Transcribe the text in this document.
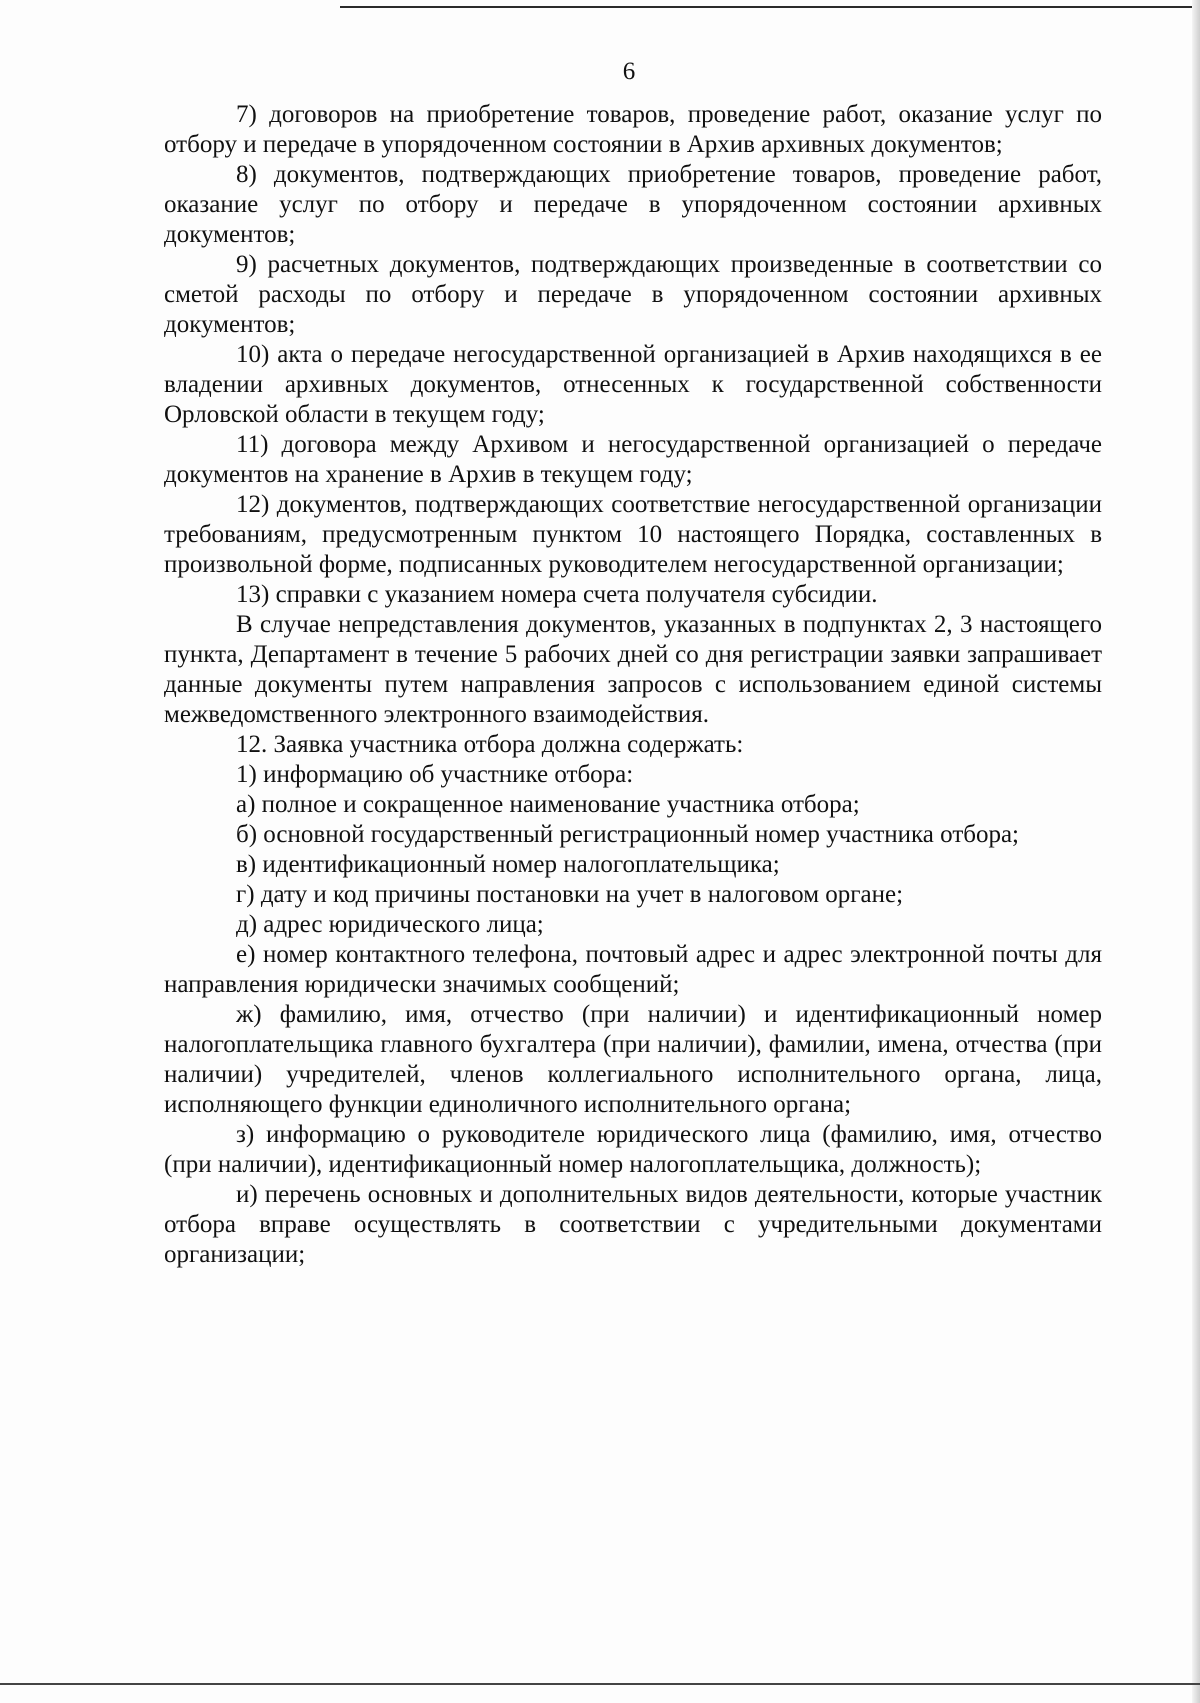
6

7) договоров на приобретение товаров, проведение работ, оказание услуг по отбору и передаче в упорядоченном состоянии в Архив архивных документов;

8) документов, подтверждающих приобретение товаров, проведение работ, оказание услуг по отбору и передаче в упорядоченном состоянии архивных документов;

9) расчетных документов, подтверждающих произведенные в соответствии со сметой расходы по отбору и передаче в упорядоченном состоянии архивных документов;

10) акта о передаче негосударственной организацией в Архив находящихся в ее владении архивных документов, отнесенных к государственной собственности Орловской области в текущем году;

11) договора между Архивом и негосударственной организацией о передаче документов на хранение в Архив в текущем году;

12) документов, подтверждающих соответствие негосударственной организации требованиям, предусмотренным пунктом 10 настоящего Порядка, составленных в произвольной форме, подписанных руководителем негосударственной организации;

13) справки с указанием номера счета получателя субсидии.

В случае непредставления документов, указанных в подпунктах 2, 3 настоящего пункта, Департамент в течение 5 рабочих дней со дня регистрации заявки запрашивает данные документы путем направления запросов с использованием единой системы межведомственного электронного взаимодействия.

12. Заявка участника отбора должна содержать:

1) информацию об участнике отбора:

а) полное и сокращенное наименование участника отбора;

б) основной государственный регистрационный номер участника отбора;

в) идентификационный номер налогоплательщика;

г) дату и код причины постановки на учет в налоговом органе;

д) адрес юридического лица;

е) номер контактного телефона, почтовый адрес и адрес электронной почты для направления юридически значимых сообщений;

ж) фамилию, имя, отчество (при наличии) и идентификационный номер налогоплательщика главного бухгалтера (при наличии), фамилии, имена, отчества (при наличии) учредителей, членов коллегиального исполнительного органа, лица, исполняющего функции единоличного исполнительного органа;

з) информацию о руководителе юридического лица (фамилию, имя, отчество (при наличии), идентификационный номер налогоплательщика, должность);

и) перечень основных и дополнительных видов деятельности, которые участник отбора вправе осуществлять в соответствии с учредительными документами организации;
